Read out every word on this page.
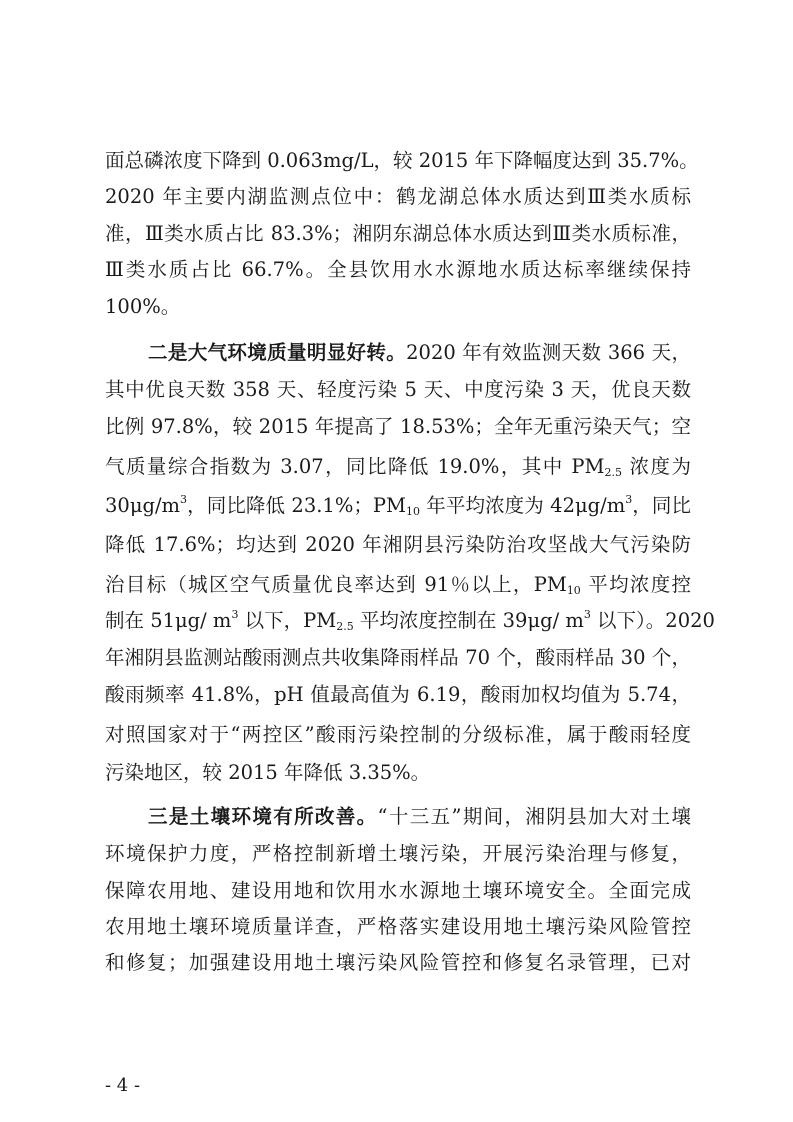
面总磷浓度下降到 0.063mg/L，较 2015 年下降幅度达到 35.7%。
2020 年主要内湖监测点位中：鹤龙湖总体水质达到Ⅲ类水质标
准，Ⅲ类水质占比 83.3%；湘阴东湖总体水质达到Ⅲ类水质标准，
Ⅲ类水质占比 66.7%。全县饮用水水源地水质达标率继续保持
100%。
二是大气环境质量明显好转。2020 年有效监测天数 366 天，
其中优良天数 358 天、轻度污染 5 天、中度污染 3 天，优良天数
比例 97.8%，较 2015 年提高了 18.53%；全年无重污染天气；空
气质量综合指数为 3.07，同比降低 19.0%，其中 $PM_{2.5}$ 浓度为
$30\mu g/m^3$，同比降低 23.1%；$PM_{10}$ 年平均浓度为 $42\mu g/m^3$，同比
降低 17.6%；均达到 2020 年湘阴县污染防治攻坚战大气污染防
治目标（城区空气质量优良率达到 91％以上，$PM_{10}$ 平均浓度控
制在 51μg/ $m^3$ 以下，$PM_{2.5}$ 平均浓度控制在 39μg/ $m^3$ 以下）。2020
年湘阴县监测站酸雨测点共收集降雨样品 70 个，酸雨样品 30 个，
酸雨频率 41.8%，pH 值最高值为 6.19，酸雨加权均值为 5.74，
对照国家对于“两控区”酸雨污染控制的分级标准，属于酸雨轻度
污染地区，较 2015 年降低 3.35%。
三是土壤环境有所改善。“十三五”期间，湘阴县加大对土壤
环境保护力度，严格控制新增土壤污染，开展污染治理与修复，
保障农用地、建设用地和饮用水水源地土壤环境安全。全面完成
农用地土壤环境质量详查，严格落实建设用地土壤污染风险管控
和修复；加强建设用地土壤污染风险管控和修复名录管理，已对
- 4 -
